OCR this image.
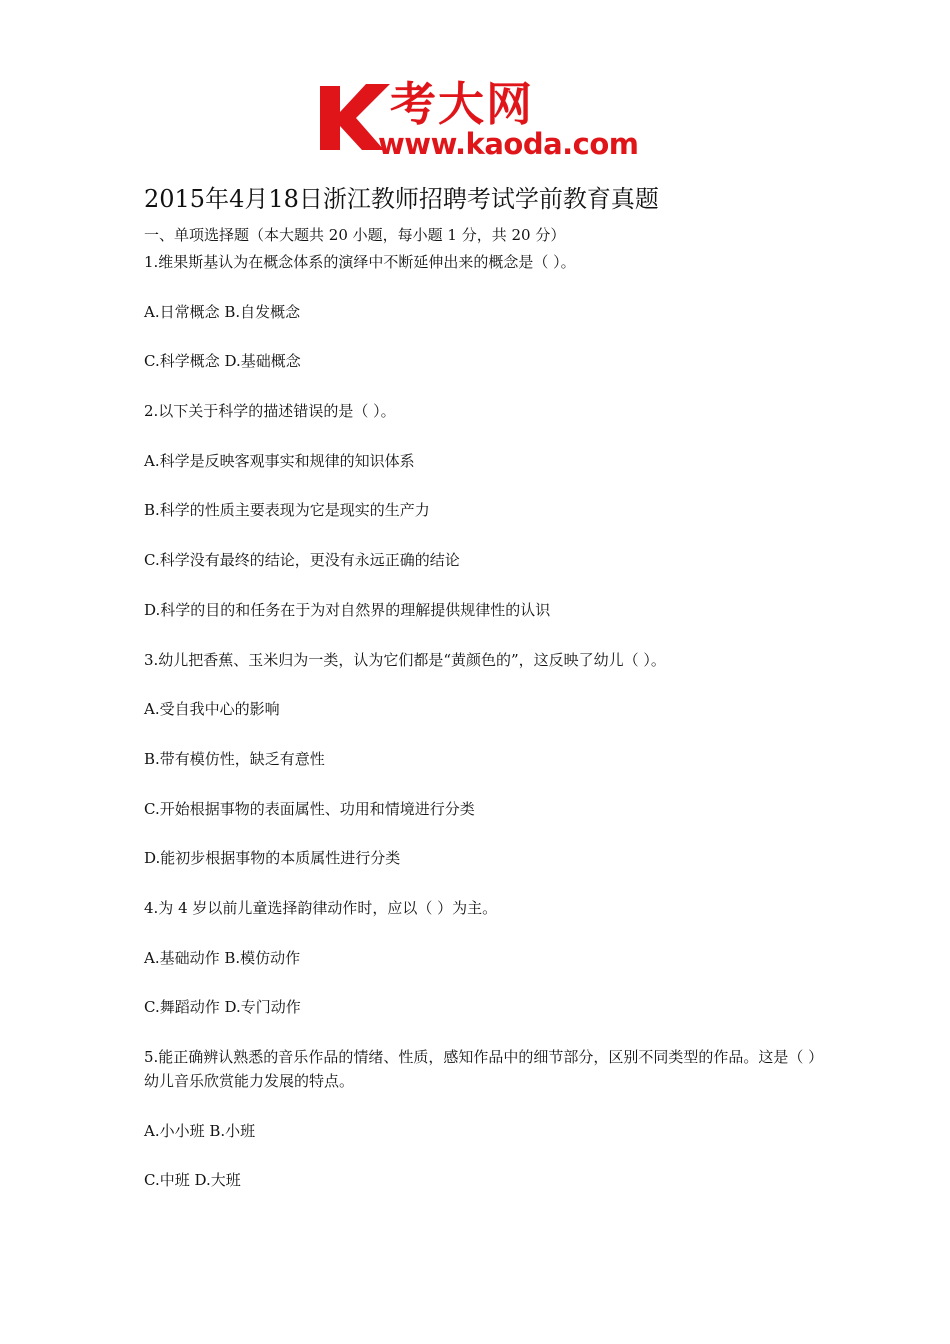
考大网
www.kaoda.com
2015年4月18日浙江教师招聘考试学前教育真题
一、单项选择题（本大题共 20 小题，每小题 1 分，共 20 分）

1.维果斯基认为在概念体系的演绎中不断延伸出来的概念是（ ）。

A.日常概念 B.自发概念

C.科学概念 D.基础概念

2.以下关于科学的描述错误的是（ ）。

A.科学是反映客观事实和规律的知识体系

B.科学的性质主要表现为它是现实的生产力

C.科学没有最终的结论，更没有永远正确的结论

D.科学的目的和任务在于为对自然界的理解提供规律性的认识

3.幼儿把香蕉、玉米归为一类，认为它们都是“黄颜色的”，这反映了幼儿（ ）。

A.受自我中心的影响

B.带有模仿性，缺乏有意性

C.开始根据事物的表面属性、功用和情境进行分类

D.能初步根据事物的本质属性进行分类

4.为 4 岁以前儿童选择韵律动作时，应以（ ）为主。

A.基础动作 B.模仿动作

C.舞蹈动作 D.专门动作

5.能正确辨认熟悉的音乐作品的情绪、性质，感知作品中的细节部分，区别不同类型的作品。这是（ ）幼儿音乐欣赏能力发展的特点。

A.小小班 B.小班

C.中班 D.大班
